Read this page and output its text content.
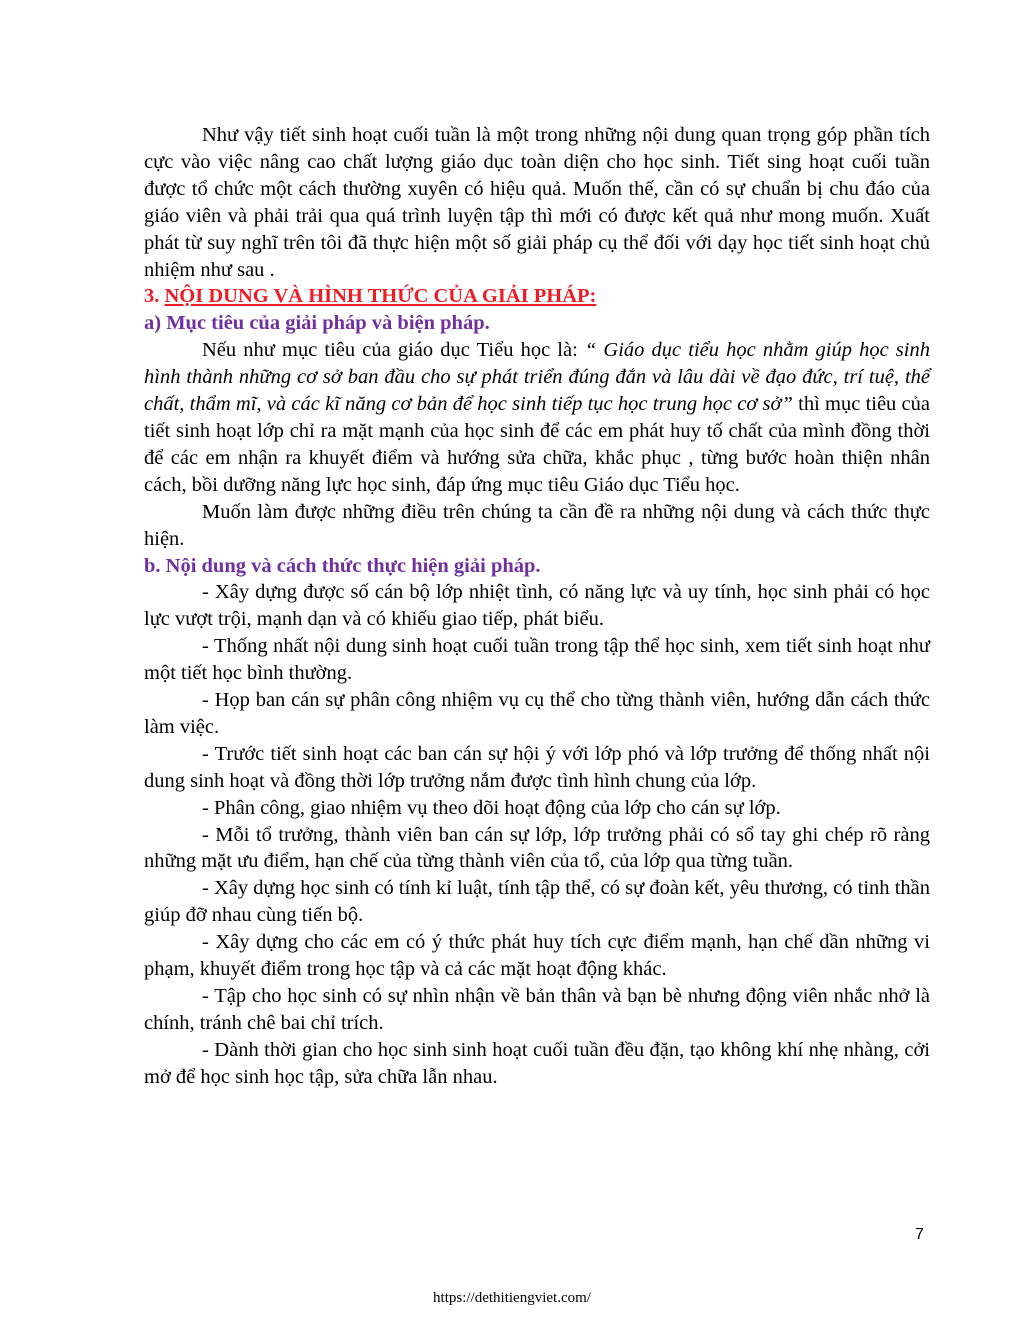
Như vậy tiết sinh hoạt cuối tuần là một trong những nội dung quan trọng góp phần tích cực vào việc nâng cao chất lượng giáo dục toàn diện cho học sinh. Tiết sing hoạt cuối tuần được tổ chức một cách thường xuyên có hiệu quả. Muốn thế, cần có sự chuẩn bị chu đáo của giáo viên và phải trải qua quá trình luyện tập thì mới có được kết quả như mong muốn. Xuất phát từ suy nghĩ trên tôi đã thực hiện một số giải pháp cụ thể đối với dạy học tiết sinh hoạt chủ nhiệm như sau .

3. NỘI DUNG VÀ HÌNH THỨC CỦA GIẢI PHÁP:

a) Mục tiêu của giải pháp và biện pháp.

Nếu như mục tiêu của giáo dục Tiểu học là: “ Giáo dục tiểu học nhằm giúp học sinh hình thành những cơ sở ban đầu cho sự phát triển đúng đắn và lâu dài về đạo đức, trí tuệ, thể chất, thẩm mĩ, và các kĩ năng cơ bản để học sinh tiếp tục học trung học cơ sở” thì mục tiêu của tiết sinh hoạt lớp chỉ ra mặt mạnh của học sinh để các em phát huy tố chất của mình đồng thời để các em nhận ra khuyết điểm và hướng sửa chữa, khắc phục , từng bước hoàn thiện nhân cách, bồi dưỡng năng lực học sinh, đáp ứng mục tiêu Giáo dục Tiểu học.

Muốn làm được những điều trên chúng ta cần đề ra những nội dung và cách thức thực hiện.

b. Nội dung và cách thức thực hiện giải pháp.

- Xây dựng được số cán bộ lớp nhiệt tình, có năng lực và uy tính, học sinh phải có học lực vượt trội, mạnh dạn và có khiếu giao tiếp, phát biểu.

- Thống nhất nội dung sinh hoạt cuối tuần trong tập thể học sinh, xem tiết sinh hoạt như một tiết học bình thường.

- Họp ban cán sự phân công nhiệm vụ cụ thể cho từng thành viên, hướng dẫn cách thức làm việc.

- Trước tiết sinh hoạt các ban cán sự hội ý với lớp phó và lớp trưởng để thống nhất nội dung sinh hoạt và đồng thời lớp trưởng nắm được tình hình chung của lớp.

- Phân công, giao nhiệm vụ theo dõi hoạt động của lớp cho cán sự lớp.

- Mỗi tổ trưởng, thành viên ban cán sự lớp, lớp trưởng phải có sổ tay ghi chép rõ ràng những mặt ưu điểm, hạn chế của từng thành viên của tổ, của lớp qua từng tuần.

- Xây dựng học sinh có tính kỉ luật, tính tập thể, có sự đoàn kết, yêu thương, có tinh thần giúp đỡ nhau cùng tiến bộ.

- Xây dựng cho các em có ý thức phát huy tích cực điểm mạnh, hạn chế dần những vi phạm, khuyết điểm trong học tập và cả các mặt hoạt động khác.

- Tập cho học sinh có sự nhìn nhận về bản thân và bạn bè nhưng động viên nhắc nhở là chính, tránh chê bai chỉ trích.

- Dành thời gian cho học sinh sinh hoạt cuối tuần đều đặn, tạo không khí nhẹ nhàng, cởi mở để học sinh học tập, sửa chữa lẫn nhau.

7
https://dethitiengviet.com/
